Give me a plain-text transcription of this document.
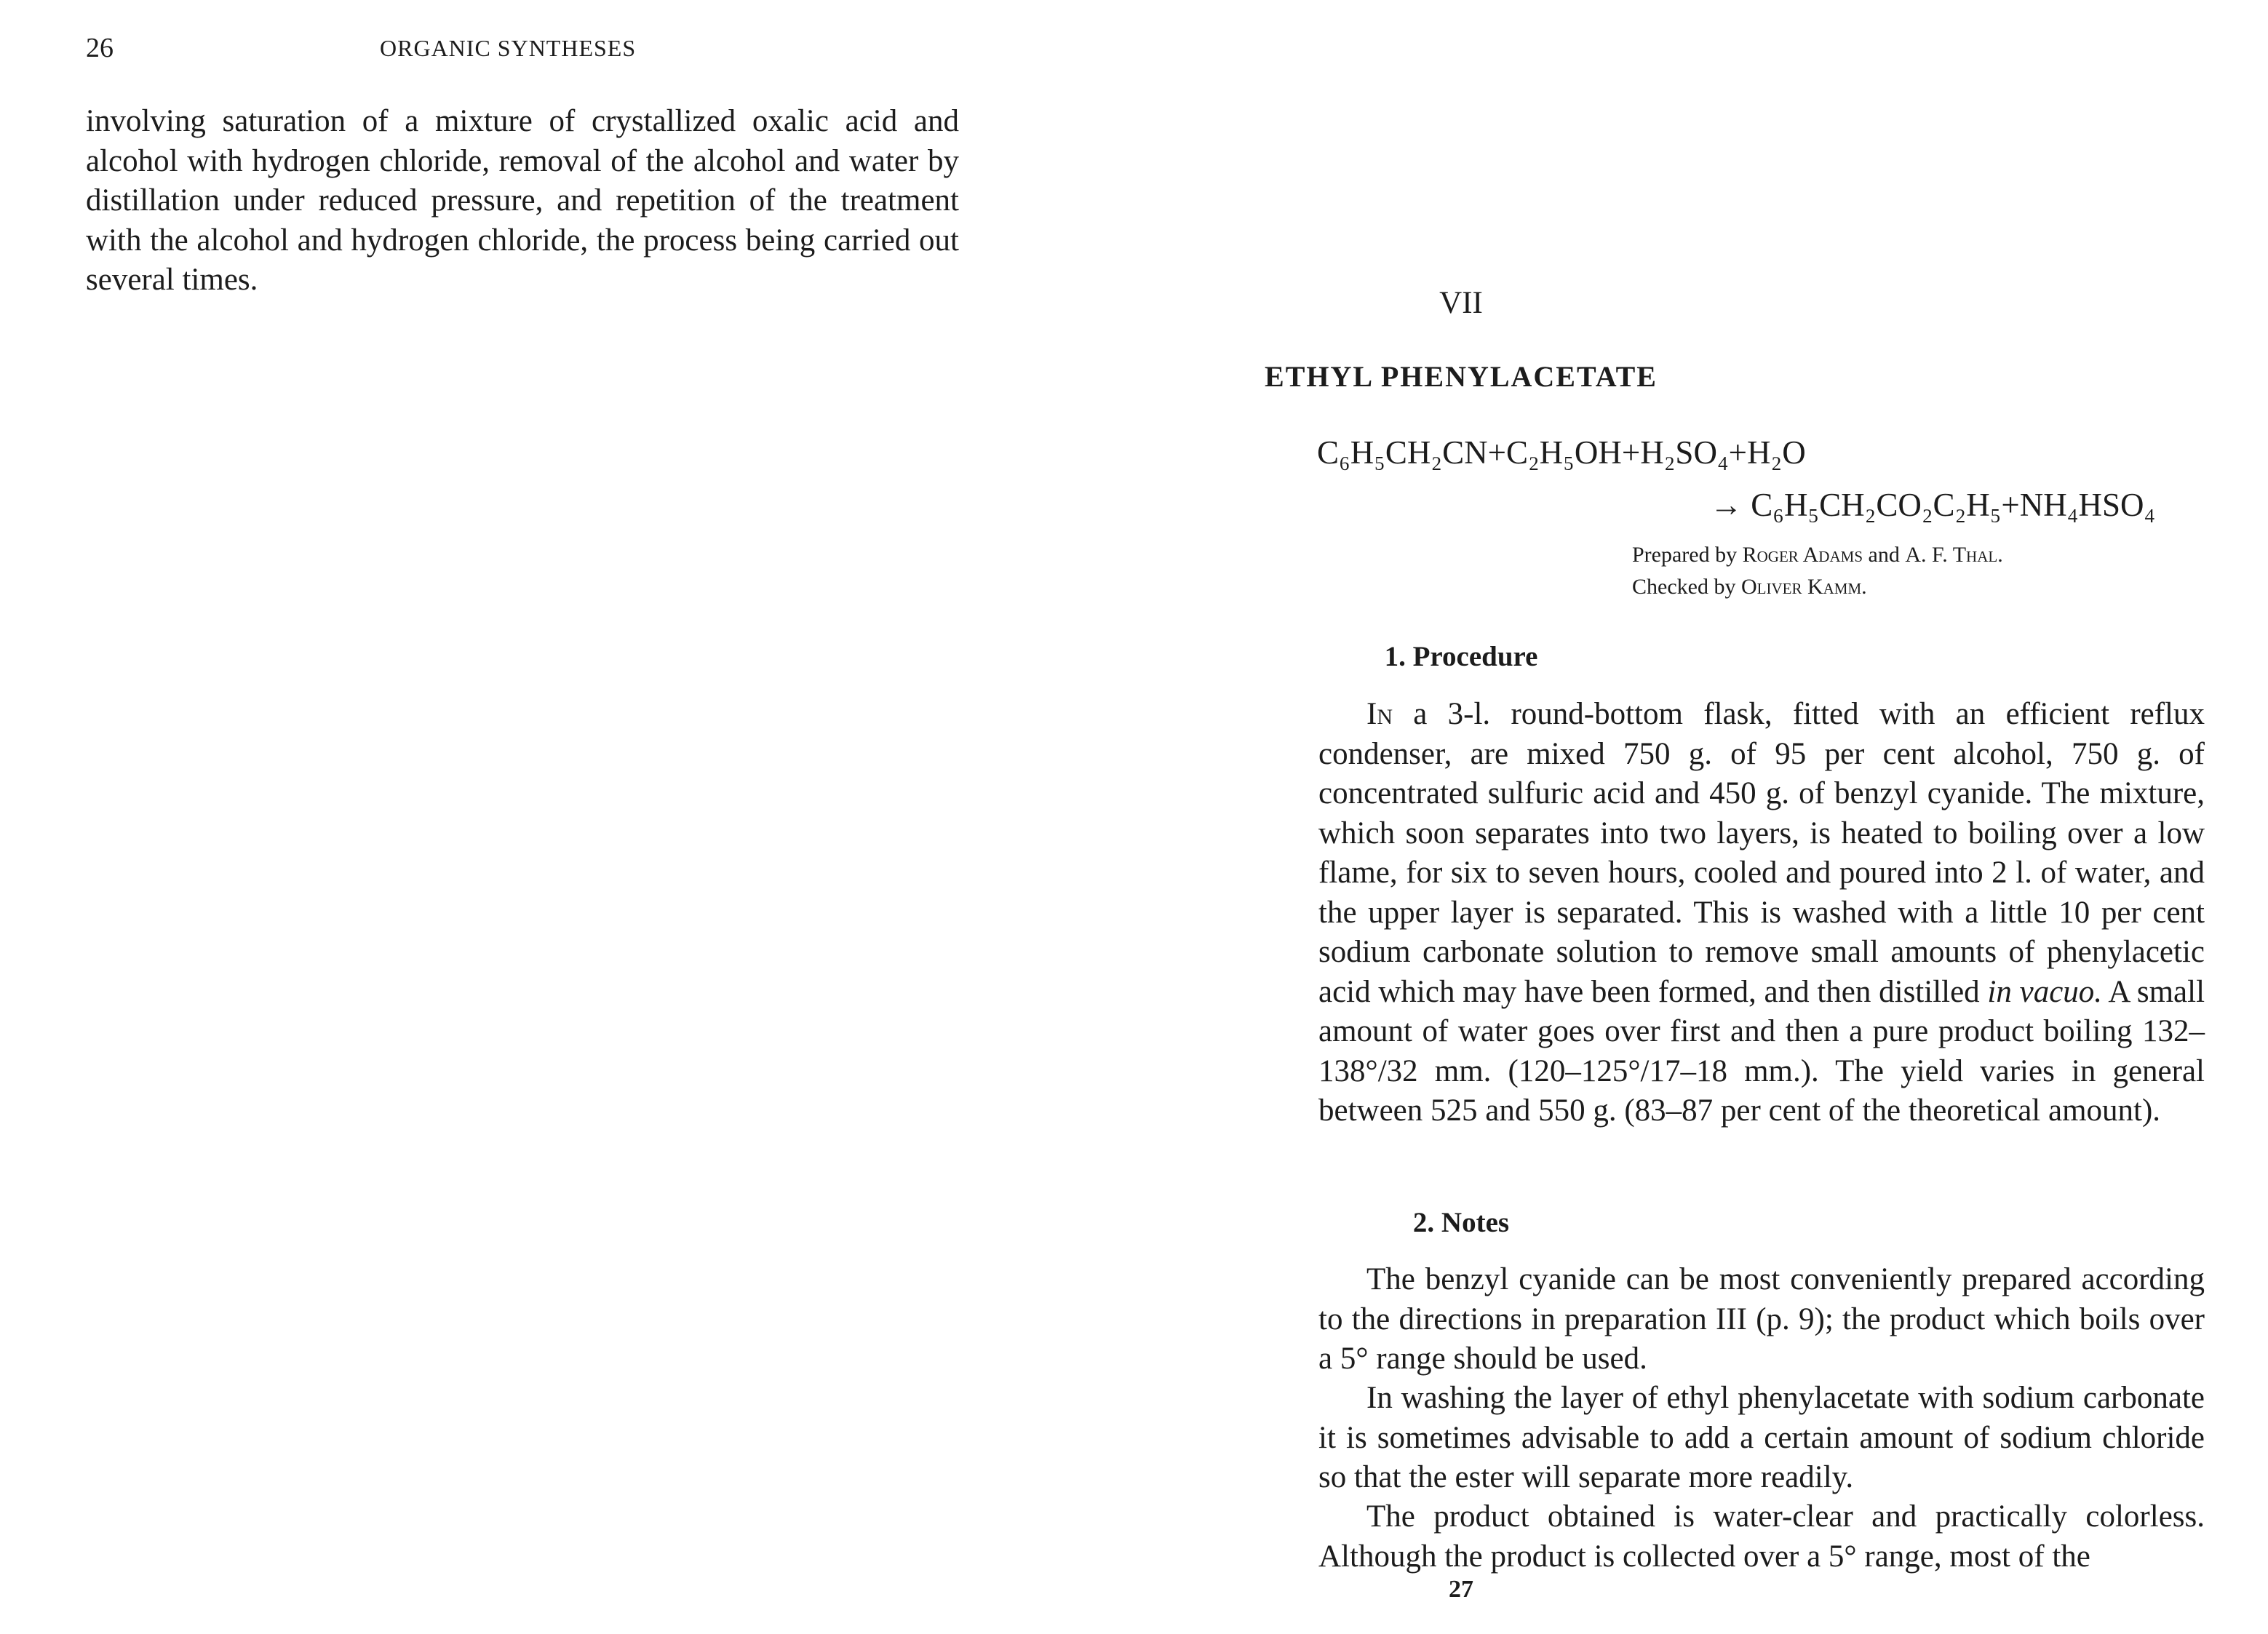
26	ORGANIC SYNTHESES

involving saturation of a mixture of crystallized oxalic acid and alcohol with hydrogen chloride, removal of the alcohol and water by distillation under reduced pressure, and repetition of the treatment with the alcohol and hydrogen chloride, the process being carried out several times.

VII
ETHYL PHENYLACETATE
C₆H₅CH₂CN+C₂H₅OH+H₂SO₄+H₂O
→ C₆H₅CH₂CO₂C₂H₅+NH₄HSO₄
Prepared by Roger Adams and A. F. Thal.
Checked by Oliver Kamm.
1. Procedure

In a 3-l. round-bottom flask, fitted with an efficient reflux condenser, are mixed 750 g. of 95 per cent alcohol, 750 g. of concentrated sulfuric acid and 450 g. of benzyl cyanide. The mixture, which soon separates into two layers, is heated to boiling over a low flame, for six to seven hours, cooled and poured into 2 l. of water, and the upper layer is separated. This is washed with a little 10 per cent sodium carbonate solution to remove small amounts of phenylacetic acid which may have been formed, and then distilled in vacuo. A small amount of water goes over first and then a pure product boiling 132–138°/32 mm. (120–125°/17–18 mm.). The yield varies in general between 525 and 550 g. (83–87 per cent of the theoretical amount).

2. Notes

The benzyl cyanide can be most conveniently prepared according to the directions in preparation III (p. 9); the product which boils over a 5° range should be used.

In washing the layer of ethyl phenylacetate with sodium carbonate it is sometimes advisable to add a certain amount of sodium chloride so that the ester will separate more readily.

The product obtained is water-clear and practically colorless. Although the product is collected over a 5° range, most of the

27
